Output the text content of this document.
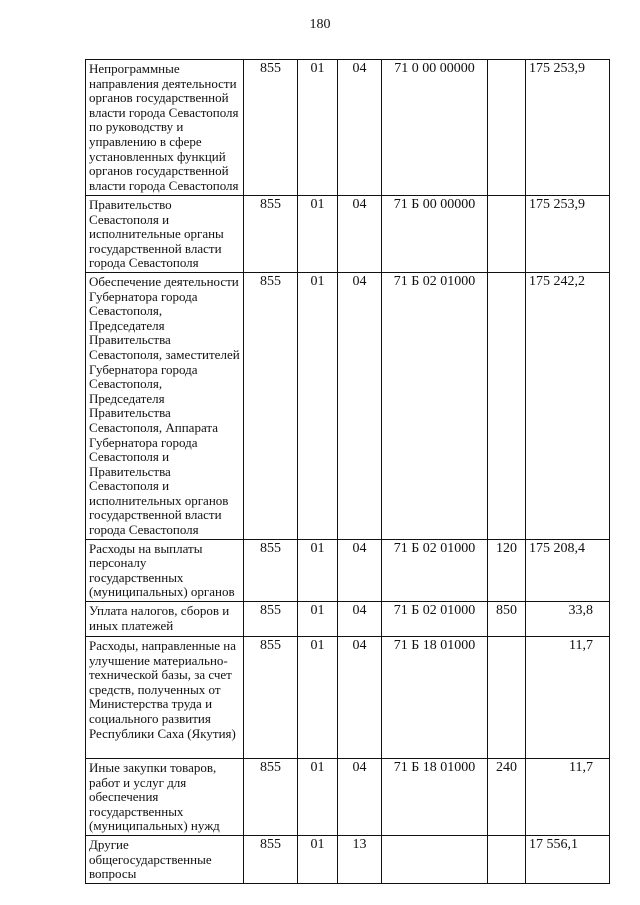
180
Непрограммные направления деятельности органов государственной власти города Севастополя по руководству и управлению в сфере установленных функций органов государственной власти города Севастополя	855	01	04	71 0 00 00000		175 253,9
Правительство Севастополя и исполнительные органы государственной власти города Севастополя	855	01	04	71 Б 00 00000		175 253,9
Обеспечение деятельности Губернатора города Севастополя, Председателя Правительства Севастополя, заместителей Губернатора города Севастополя, Председателя Правительства Севастополя, Аппарата Губернатора города Севастополя и Правительства Севастополя и исполнительных органов государственной власти города Севастополя	855	01	04	71 Б 02 01000		175 242,2
Расходы на выплаты персоналу государственных (муниципальных) органов	855	01	04	71 Б 02 01000	120	175 208,4
Уплата налогов, сборов и иных платежей	855	01	04	71 Б 02 01000	850	33,8
Расходы, направленные на улучшение материально-технической базы, за счет средств, полученных от Министерства труда и социального развития Республики Саха (Якутия)	855	01	04	71 Б 18 01000		11,7
Иные закупки товаров, работ и услуг для обеспечения государственных (муниципальных) нужд	855	01	04	71 Б 18 01000	240	11,7
Другие общегосударственные вопросы	855	01	13			17 556,1
